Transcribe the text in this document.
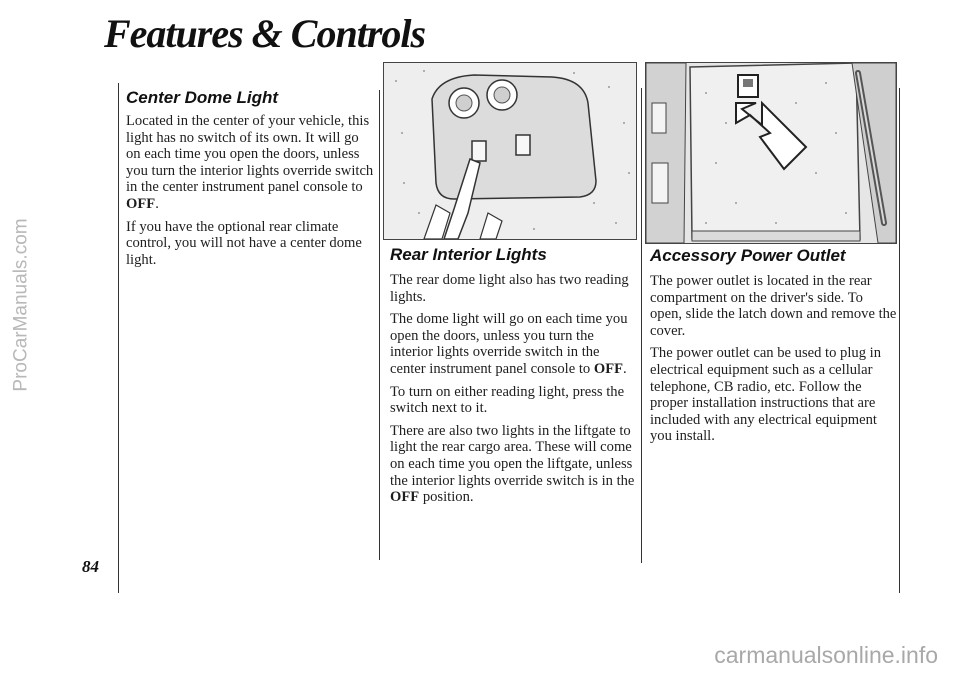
Features & Controls
ProCarManuals.com
Center Dome Light

Located in the center of your vehicle, this light has no switch of its own. It will go on each time you open the doors, unless you turn the interior lights override switch in the center instrument panel console to OFF.

If you have the optional rear climate control, you will not have a center dome light.	Rear Interior Lights

The rear dome light also has two reading lights.

The dome light will go on each time you open the doors, unless you turn the interior lights override switch in the center instrument panel console to OFF.

To turn on either reading light, press the switch next to it.

There are also two lights in the liftgate to light the rear cargo area. These will come on each time you open the liftgate, unless the interior lights override switch is in the OFF position.

Accessory Power Outlet

The power outlet is located in the rear compartment on the driver's side. To open, slide the latch down and remove the cover.

The power outlet can be used to plug in electrical equipment such as a cellular telephone, CB radio, etc. Follow the proper installation instructions that are included with any electrical equipment you install.

84

carmanualsonline.info
